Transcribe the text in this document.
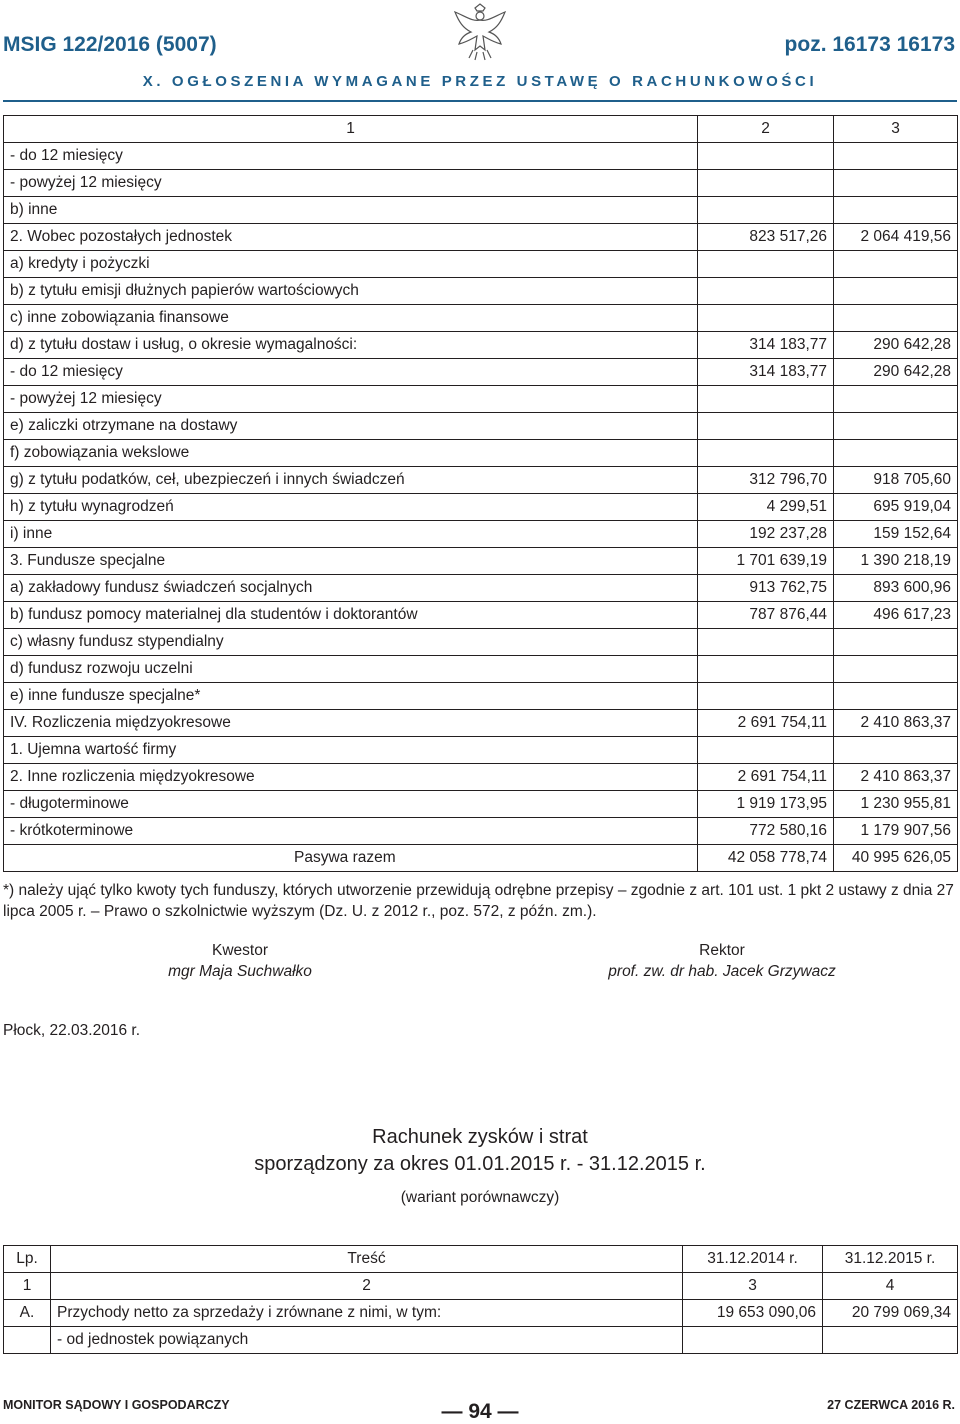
MSIG 122/2016 (5007)	poz. 16173 16173
X. OGŁOSZENIA WYMAGANE PRZEZ USTAWĘ O RACHUNKOWOŚCI
1	2	3
- do 12 miesięcy		
- powyżej 12 miesięcy		
b) inne		
2. Wobec pozostałych jednostek	823 517,26	2 064 419,56
a) kredyty i pożyczki		
b) z tytułu emisji dłużnych papierów wartościowych		
c) inne zobowiązania finansowe		
d) z tytułu dostaw i usług, o okresie wymagalności:	314 183,77	290 642,28
- do 12 miesięcy	314 183,77	290 642,28
- powyżej 12 miesięcy		
e) zaliczki otrzymane na dostawy		
f) zobowiązania wekslowe		
g) z tytułu podatków, ceł, ubezpieczeń i innych świadczeń	312 796,70	918 705,60
h) z tytułu wynagrodzeń	4 299,51	695 919,04
i) inne	192 237,28	159 152,64
3. Fundusze specjalne	1 701 639,19	1 390 218,19
a) zakładowy fundusz świadczeń socjalnych	913 762,75	893 600,96
b) fundusz pomocy materialnej dla studentów i doktorantów	787 876,44	496 617,23
c) własny fundusz stypendialny		
d) fundusz rozwoju uczelni		
e) inne fundusze specjalne*		
IV. Rozliczenia międzyokresowe	2 691 754,11	2 410 863,37
1. Ujemna wartość firmy		
2. Inne rozliczenia międzyokresowe	2 691 754,11	2 410 863,37
- długoterminowe	1 919 173,95	1 230 955,81
- krótkoterminowe	772 580,16	1 179 907,56
Pasywa razem	42 058 778,74	40 995 626,05
*) należy ująć tylko kwoty tych funduszy, których utworzenie przewidują odrębne przepisy – zgodnie z art. 101 ust. 1 pkt 2 ustawy z dnia 27 lipca 2005 r. – Prawo o szkolnictwie wyższym (Dz. U. z 2012 r., poz. 572, z późn. zm.).
Kwestor
mgr Maja Suchwałko
Rektor
prof. zw. dr hab. Jacek Grzywacz
Płock, 22.03.2016 r.
Rachunek zysków i strat
sporządzony za okres 01.01.2015 r. - 31.12.2015 r.
(wariant porównawczy)
Lp.	Treść	31.12.2014 r.	31.12.2015 r.
1	2	3	4
A.	Przychody netto za sprzedaży i zrównane z nimi, w tym:	19 653 090,06	20 799 069,34
	- od jednostek powiązanych		
MONITOR SĄDOWY I GOSPODARCZY	— 94 —	27 CZERWCA 2016 R.
